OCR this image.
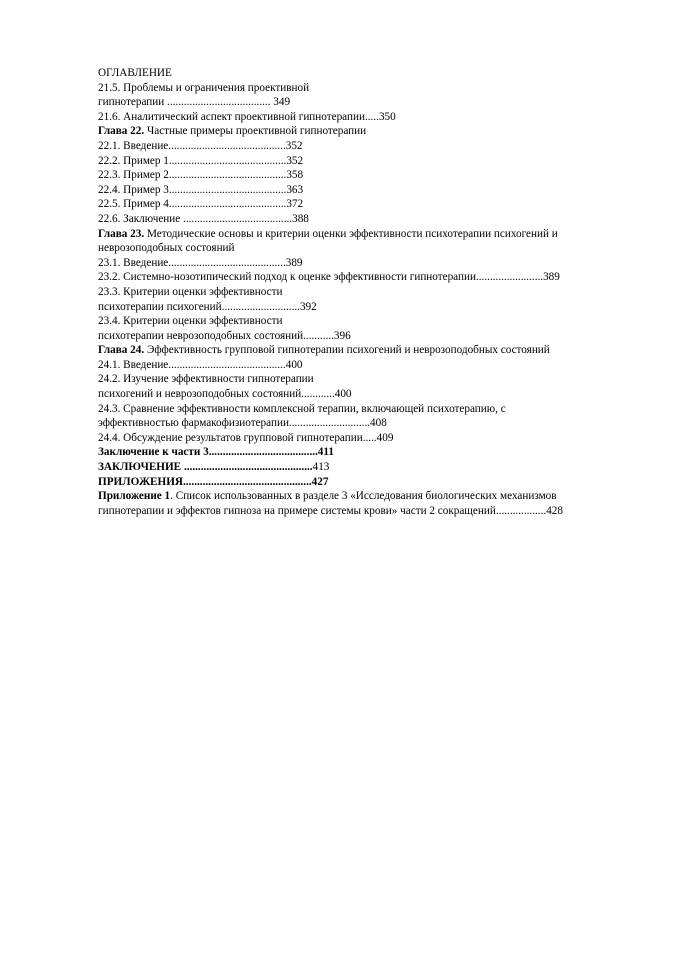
ОГЛАВЛЕНИЕ
21.5. Проблемы и ограничения проективной
гипнотерапии ..................................... 349
21.6. Аналитический аспект проективной гипнотерапии.....350
Глава 22. Частные примеры проективной гипнотерапии
22.1. Введение..........................................352
22.2. Пример 1..........................................352
22.3. Пример 2..........................................358
22.4. Пример 3..........................................363
22.5. Пример 4..........................................372
22.6. Заключение .......................................388
Глава 23. Методические основы и критерии оценки эффективности психотерапии психогений и
неврозоподобных состояний
23.1. Введение..........................................389
23.2. Системно-нозотипический подход к оценке эффективности гипнотерапии........................389
23.3. Критерии оценки эффективности
психотерапии психогений............................392
23.4. Критерии оценки эффективности
психотерапии неврозоподобных состояний...........396
Глава 24. Эффективность групповой гипнотерапии психогений и неврозоподобных состояний
24.1. Введение..........................................400
24.2. Изучение эффективности гипнотерапии
психогений и неврозоподобных состояний............400
24.3. Сравнение эффективности комплексной терапии, включающей психотерапию, с
эффективностью фармакофизиотерапии.............................408
24.4. Обсуждение результатов групповой гипнотерапии.....409
Заключение к части 3.......................................411
ЗАКЛЮЧЕНИЕ ..............................................413
ПРИЛОЖЕНИЯ..............................................427
Приложение 1. Список использованных в разделе 3 «Исследования биологических механизмов
гипнотерапии и эффектов гипноза на примере системы крови» части 2 сокращений..................428
